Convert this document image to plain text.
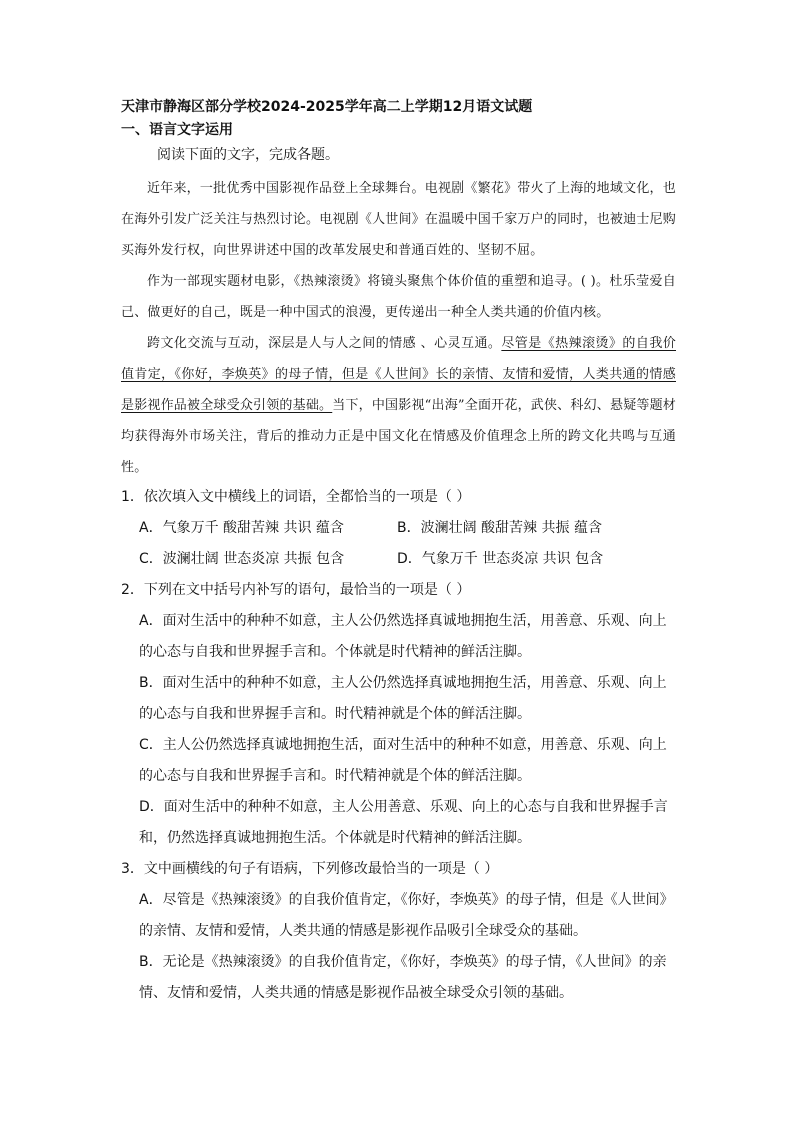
天津市静海区部分学校2024-2025学年高二上学期12月语文试题
一、语言文字运用
阅读下面的文字，完成各题。

近年来，一批优秀中国影视作品登上全球舞台。电视剧《繁花》带火了上海的地域文化，也在海外引发广泛关注与热烈讨论。电视剧《人世间》在温暖中国千家万户的同时，也被迪士尼购买海外发行权，向世界讲述中国的改革发展史和普通百姓的、坚韧不屈。

作为一部现实题材电影，《热辣滚烫》将镜头聚焦个体价值的重塑和追寻。( )。杜乐莹爱自己、做更好的自己，既是一种中国式的浪漫，更传递出一种全人类共通的价值内核。

跨文化交流与互动，深层是人与人之间的情感 、心灵互通。尽管是《热辣滚烫》的自我价值肯定，《你好，李焕英》的母子情，但是《人世间》长的亲情、友情和爱情，人类共通的情感是影视作品被全球受众引领的基础。当下，中国影视“出海”全面开花，武侠、科幻、悬疑等题材均获得海外市场关注，背后的推动力正是中国文化在情感及价值理念上所的跨文化共鸣与互通性。

1．依次填入文中横线上的词语，全都恰当的一项是（ ）
A．气象万千 酸甜苦辣 共识 蕴含	B．波澜壮阔 酸甜苦辣 共振 蕴含
C．波澜壮阔 世态炎凉 共振 包含	D．气象万千 世态炎凉 共识 包含
2．下列在文中括号内补写的语句，最恰当的一项是（ ）
A．面对生活中的种种不如意，主人公仍然选择真诚地拥抱生活，用善意、乐观、向上
的心态与自我和世界握手言和。个体就是时代精神的鲜活注脚。
B．面对生活中的种种不如意，主人公仍然选择真诚地拥抱生活，用善意、乐观、向上
的心态与自我和世界握手言和。时代精神就是个体的鲜活注脚。
C．主人公仍然选择真诚地拥抱生活，面对生活中的种种不如意，用善意、乐观、向上
的心态与自我和世界握手言和。时代精神就是个体的鲜活注脚。
D．面对生活中的种种不如意，主人公用善意、乐观、向上的心态与自我和世界握手言
和，仍然选择真诚地拥抱生活。个体就是时代精神的鲜活注脚。
3．文中画横线的句子有语病，下列修改最恰当的一项是（ ）
A．尽管是《热辣滚烫》的自我价值肯定，《你好，李焕英》的母子情，但是《人世间》
的亲情、友情和爱情，人类共通的情感是影视作品吸引全球受众的基础。
B．无论是《热辣滚烫》的自我价值肯定，《你好，李焕英》的母子情，《人世间》的亲
情、友情和爱情，人类共通的情感是影视作品被全球受众引领的基础。
